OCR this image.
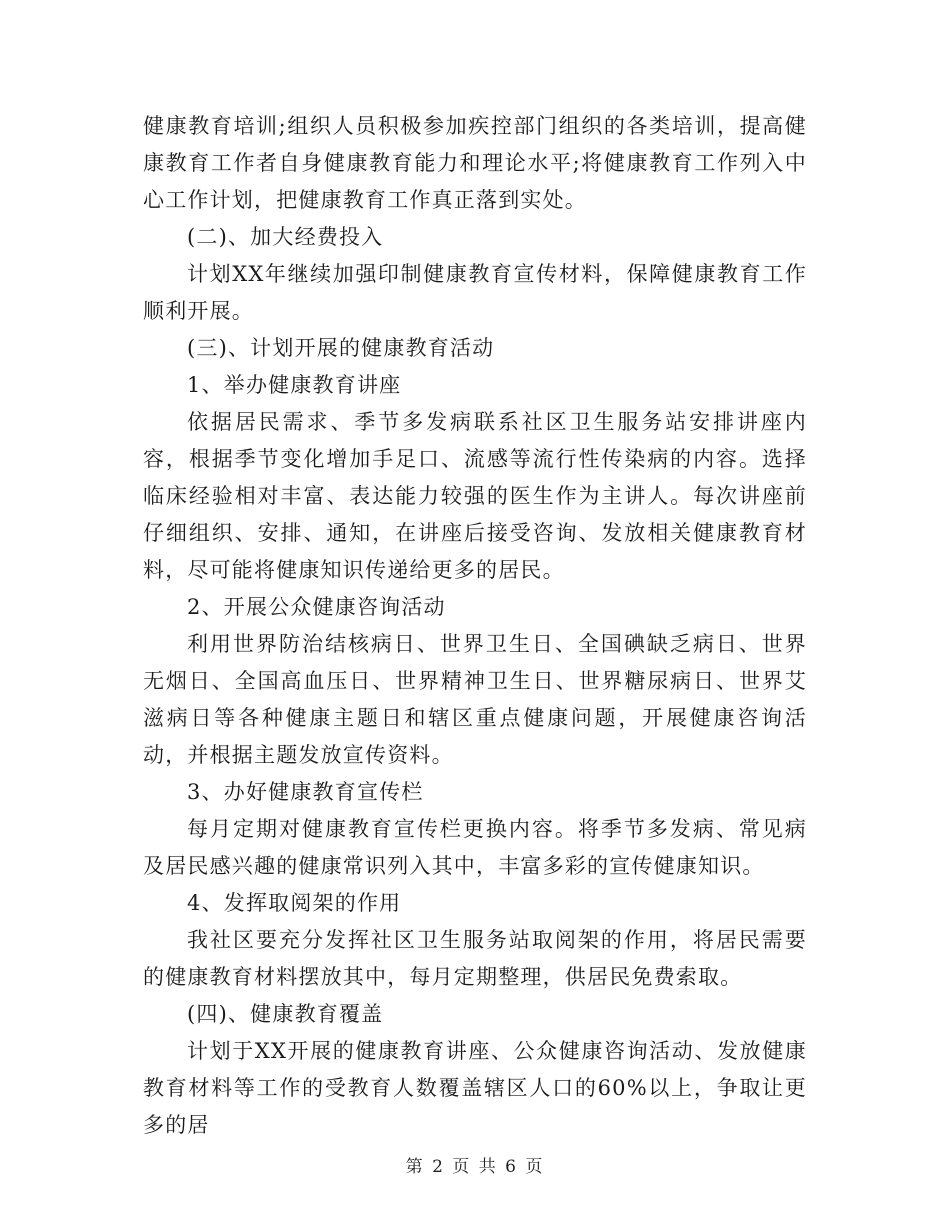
健康教育培训;组织人员积极参加疾控部门组织的各类培训，提高健康教育工作者自身健康教育能力和理论水平;将健康教育工作列入中心工作计划，把健康教育工作真正落到实处。

(二)、加大经费投入

计划XX年继续加强印制健康教育宣传材料，保障健康教育工作顺利开展。

(三)、计划开展的健康教育活动

1、举办健康教育讲座

依据居民需求、季节多发病联系社区卫生服务站安排讲座内容，根据季节变化增加手足口、流感等流行性传染病的内容。选择临床经验相对丰富、表达能力较强的医生作为主讲人。每次讲座前仔细组织、安排、通知，在讲座后接受咨询、发放相关健康教育材料，尽可能将健康知识传递给更多的居民。

2、开展公众健康咨询活动

利用世界防治结核病日、世界卫生日、全国碘缺乏病日、世界无烟日、全国高血压日、世界精神卫生日、世界糖尿病日、世界艾滋病日等各种健康主题日和辖区重点健康问题，开展健康咨询活动，并根据主题发放宣传资料。

3、办好健康教育宣传栏

每月定期对健康教育宣传栏更换内容。将季节多发病、常见病及居民感兴趣的健康常识列入其中，丰富多彩的宣传健康知识。

4、发挥取阅架的作用

我社区要充分发挥社区卫生服务站取阅架的作用，将居民需要的健康教育材料摆放其中，每月定期整理，供居民免费索取。

(四)、健康教育覆盖

计划于XX开展的健康教育讲座、公众健康咨询活动、发放健康教育材料等工作的受教育人数覆盖辖区人口的60%以上，争取让更多的居

第 2 页 共 6 页
